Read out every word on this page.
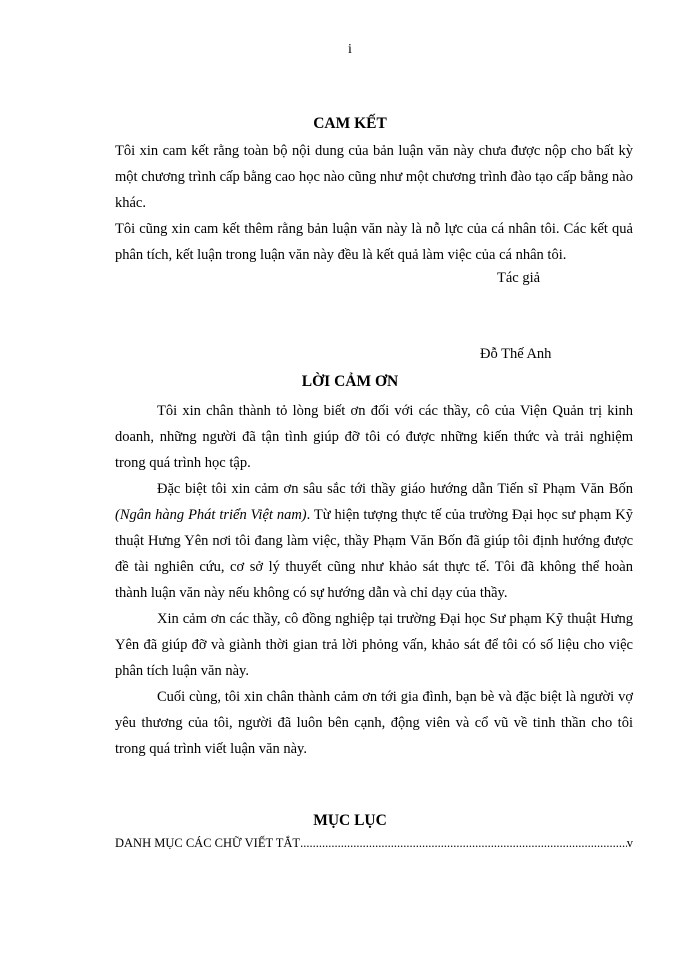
i
CAM KẾT

Tôi xin cam kết rằng toàn bộ nội dung của bản luận văn này chưa được nộp cho bất kỳ một chương trình cấp bằng cao học nào cũng như một chương trình đào tạo cấp bằng nào khác.

Tôi cũng xin cam kết thêm rằng bản luận văn này là nỗ lực của cá nhân tôi. Các kết quả phân tích, kết luận trong luận văn này đều là kết quả làm việc của cá nhân tôi.

Tác giả
Đỗ Thế Anh
LỜI CẢM ƠN

Tôi xin chân thành tỏ lòng biết ơn đối với các thầy, cô của Viện Quản trị kinh doanh, những người đã tận tình giúp đỡ tôi có được những kiến thức và trải nghiệm trong quá trình học tập.

Đặc biệt tôi xin cảm ơn sâu sắc tới thầy giáo hướng dẫn Tiến sĩ Phạm Văn Bốn (Ngân hàng Phát triển Việt nam). Từ hiện tượng thực tế của trường Đại học sư phạm Kỹ thuật Hưng Yên nơi tôi đang làm việc, thầy Phạm Văn Bốn đã giúp tôi định hướng được đề tài nghiên cứu, cơ sở lý thuyết cũng như khảo sát thực tế. Tôi đã không thể hoàn thành luận văn này nếu không có sự hướng dẫn và chỉ dạy của thầy.

Xin cảm ơn các thầy, cô đồng nghiệp tại trường Đại học Sư phạm Kỹ thuật Hưng Yên đã giúp đỡ và giành thời gian trả lời phỏng vấn, khảo sát để tôi có số liệu cho việc phân tích luận văn này.

Cuối cùng, tôi xin chân thành cảm ơn tới gia đình, bạn bè và đặc biệt là người vợ yêu thương của tôi, người đã luôn bên cạnh, động viên và cổ vũ về tinh thần cho tôi trong quá trình viết luận văn này.

MỤC LỤC
DANH MỤC CÁC CHỮ VIẾT TẮT
.....	v
